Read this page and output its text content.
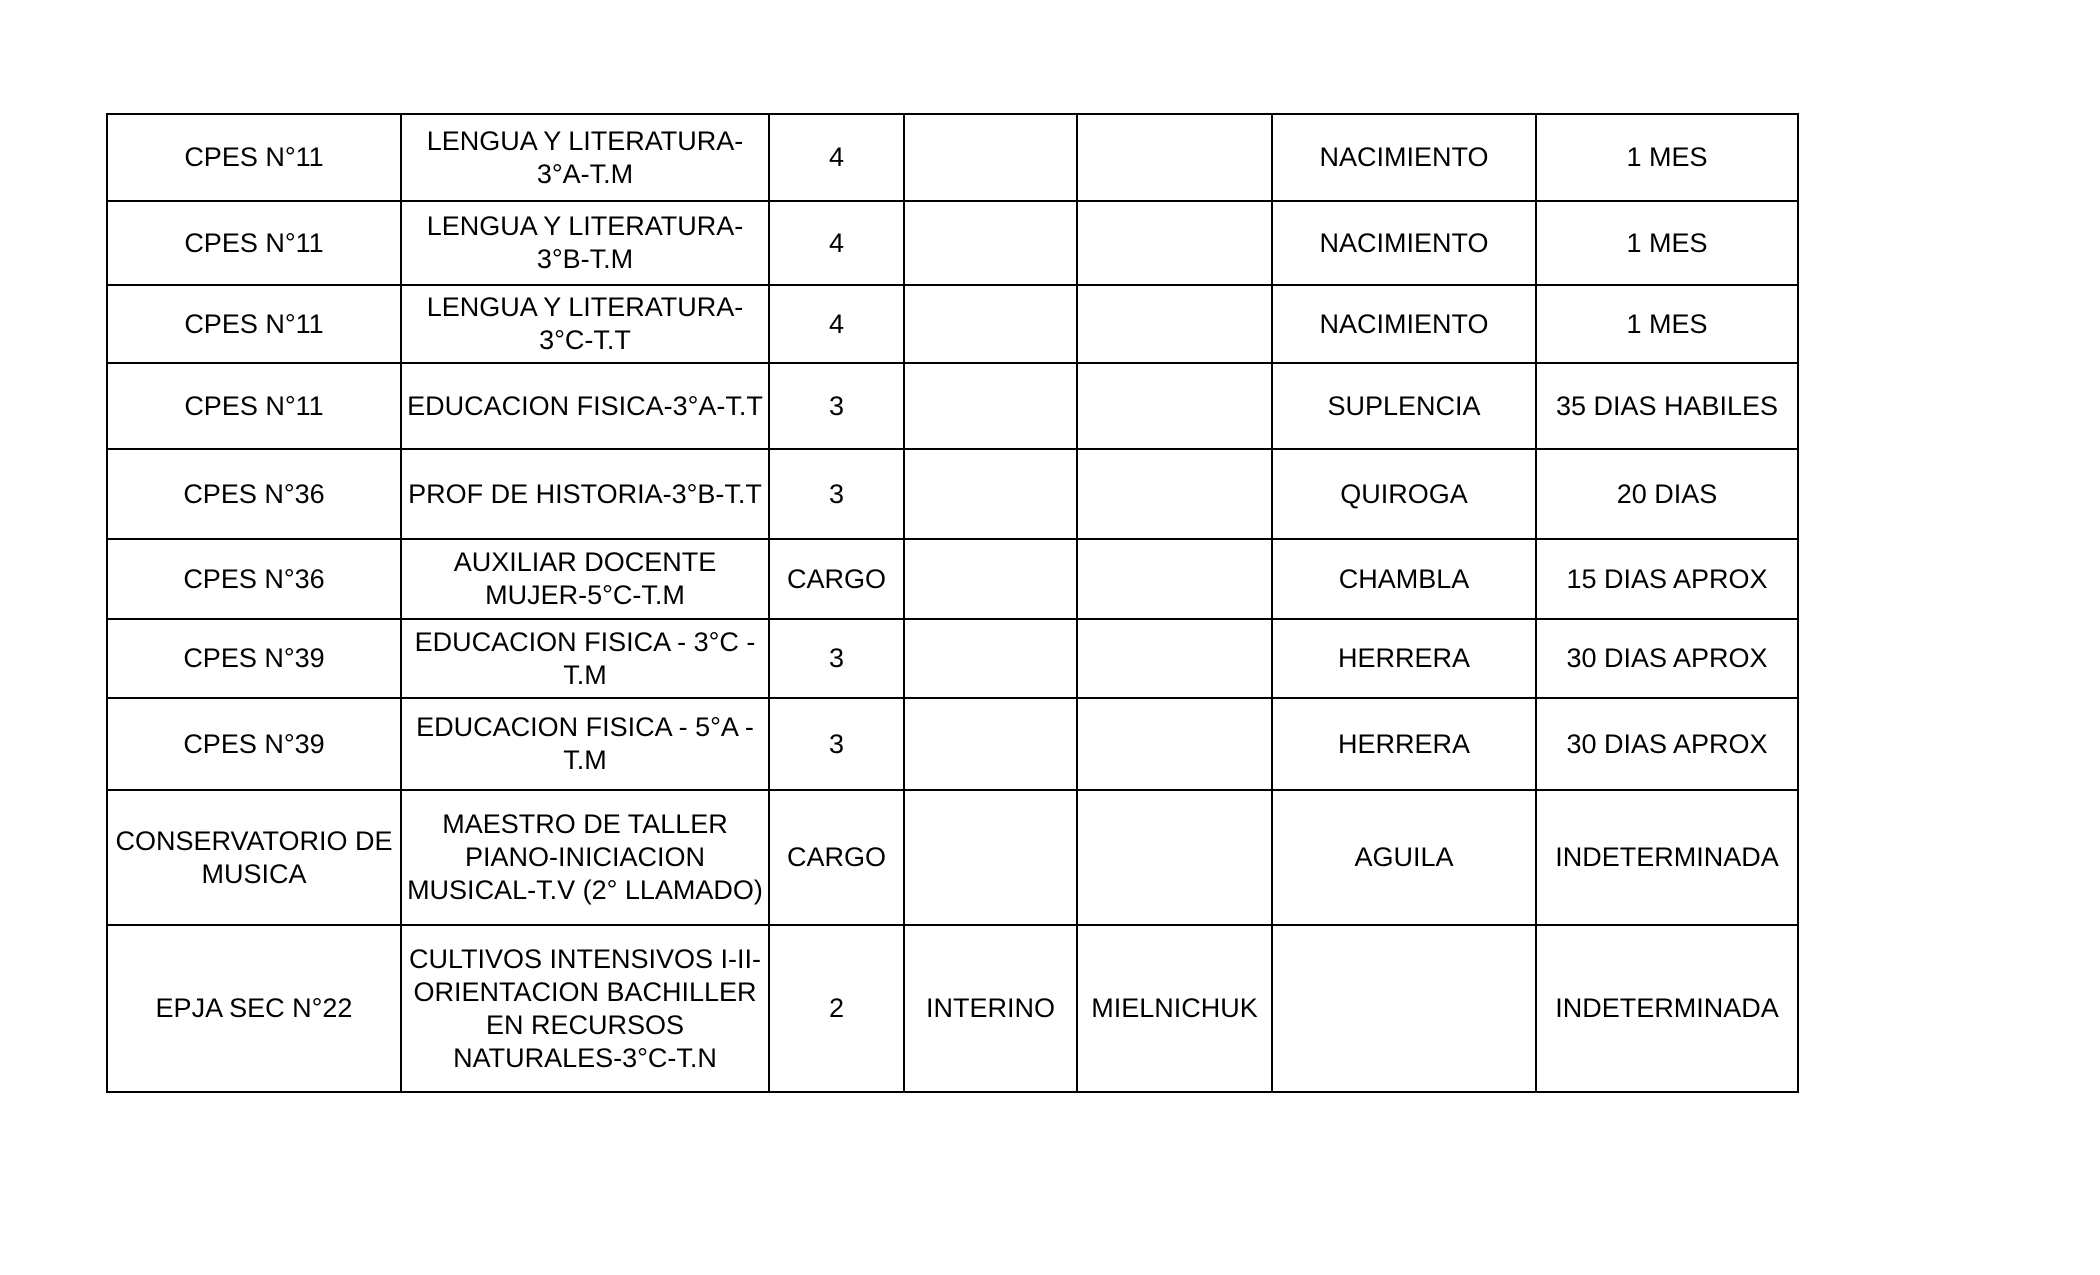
CPES N°11	LENGUA Y LITERATURA-3°A-T.M	4			NACIMIENTO	1 MES
CPES N°11	LENGUA Y LITERATURA-3°B-T.M	4			NACIMIENTO	1 MES
CPES N°11	LENGUA Y LITERATURA-3°C-T.T	4			NACIMIENTO	1 MES
CPES N°11	EDUCACION FISICA-3°A-T.T	3			SUPLENCIA	35 DIAS HABILES
CPES N°36	PROF DE HISTORIA-3°B-T.T	3			QUIROGA	20 DIAS
CPES N°36	AUXILIAR DOCENTE MUJER-5°C-T.M	CARGO			CHAMBLA	15 DIAS APROX
CPES N°39	EDUCACION FISICA - 3°C - T.M	3			HERRERA	30 DIAS APROX
CPES N°39	EDUCACION FISICA - 5°A - T.M	3			HERRERA	30 DIAS APROX
CONSERVATORIO DE MUSICA	MAESTRO DE TALLER PIANO-INICIACION MUSICAL-T.V (2° LLAMADO)	CARGO			AGUILA	INDETERMINADA
EPJA SEC N°22	CULTIVOS INTENSIVOS I-II-ORIENTACION BACHILLER EN RECURSOS NATURALES-3°C-T.N	2	INTERINO	MIELNICHUK		INDETERMINADA
